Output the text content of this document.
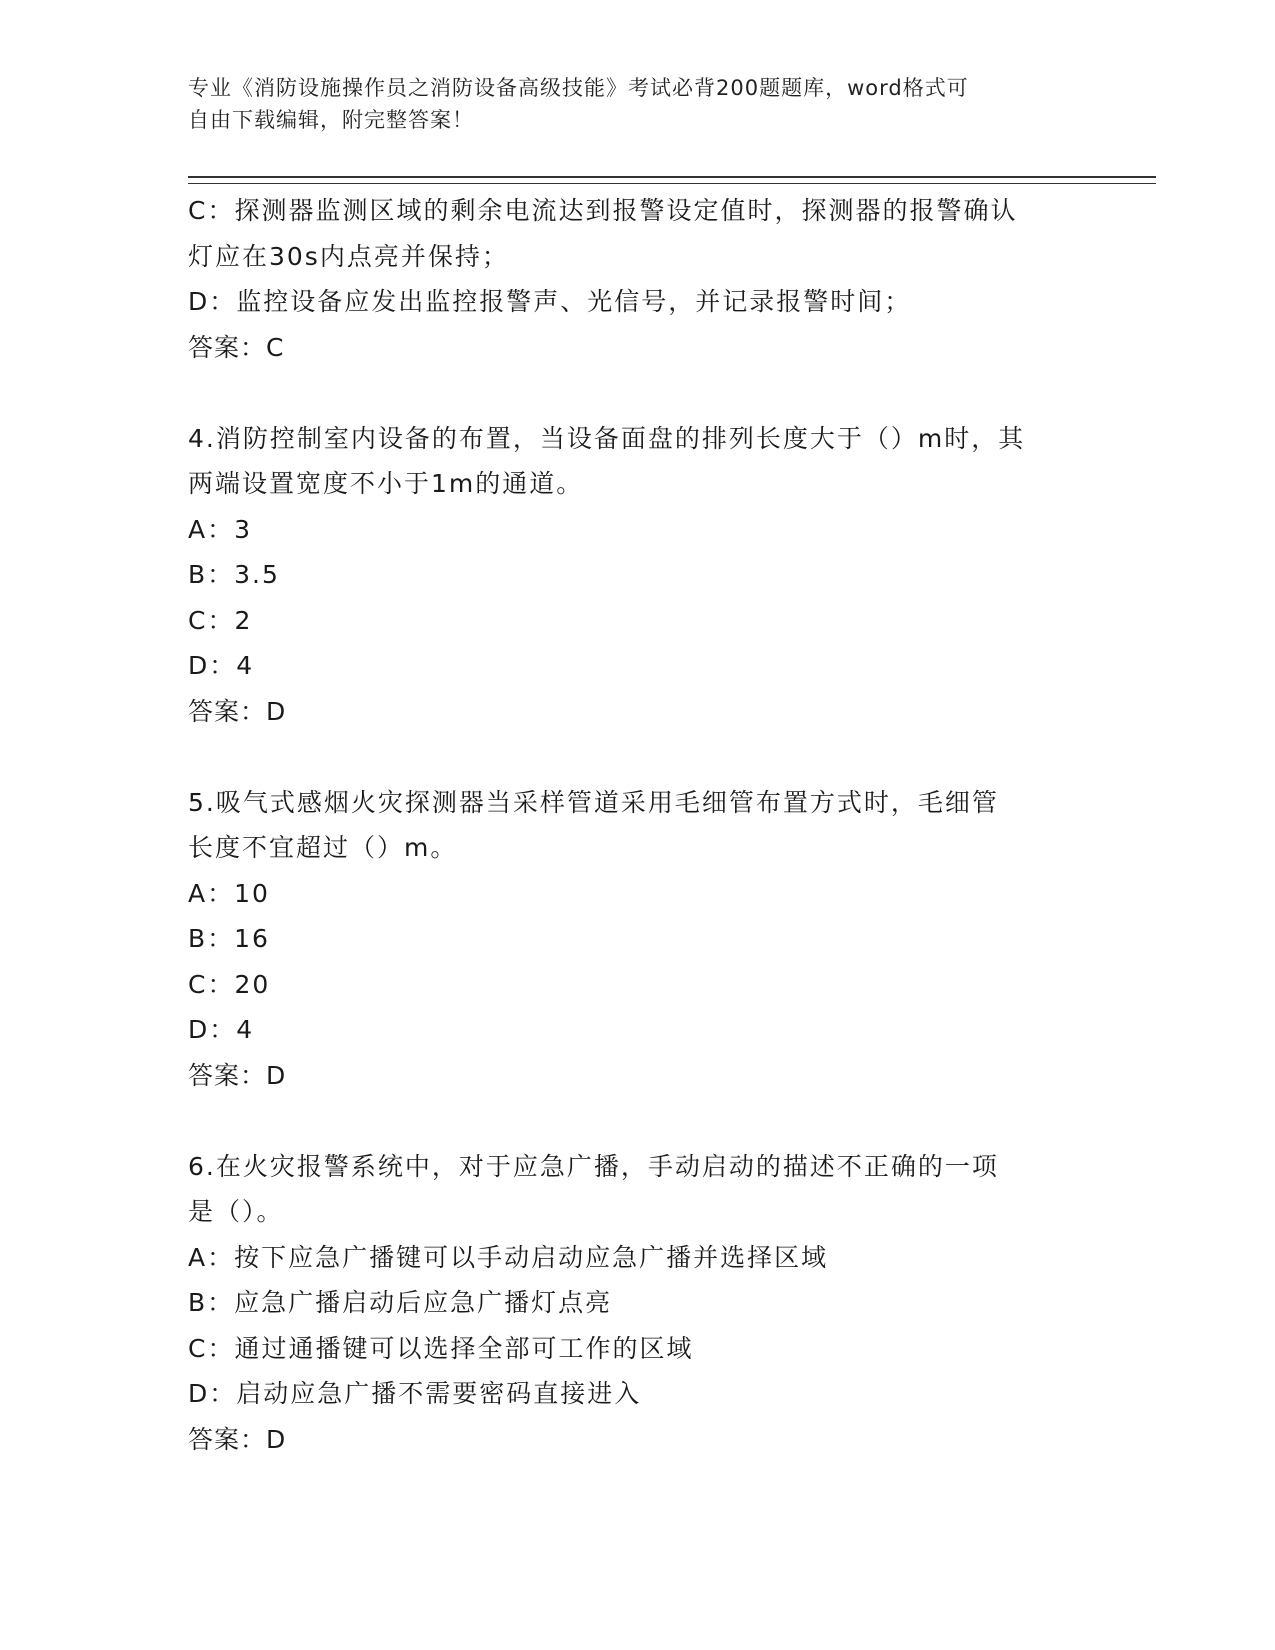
专业《消防设施操作员之消防设备高级技能》考试必背200题题库，word格式可
自由下载编辑，附完整答案！
C：探测器监测区域的剩余电流达到报警设定值时，探测器的报警确认
灯应在30s内点亮并保持；
D：监控设备应发出监控报警声、光信号，并记录报警时间；
答案：C
4.消防控制室内设备的布置，当设备面盘的排列长度大于（）m时，其
两端设置宽度不小于1m的通道。
A：3
B：3.5
C：2
D：4
答案：D
5.吸气式感烟火灾探测器当采样管道采用毛细管布置方式时，毛细管
长度不宜超过（）m。
A：10
B：16
C：20
D：4
答案：D
6.在火灾报警系统中，对于应急广播，手动启动的描述不正确的一项
是（）。
A：按下应急广播键可以手动启动应急广播并选择区域
B：应急广播启动后应急广播灯点亮
C：通过通播键可以选择全部可工作的区域
D：启动应急广播不需要密码直接进入
答案：D
